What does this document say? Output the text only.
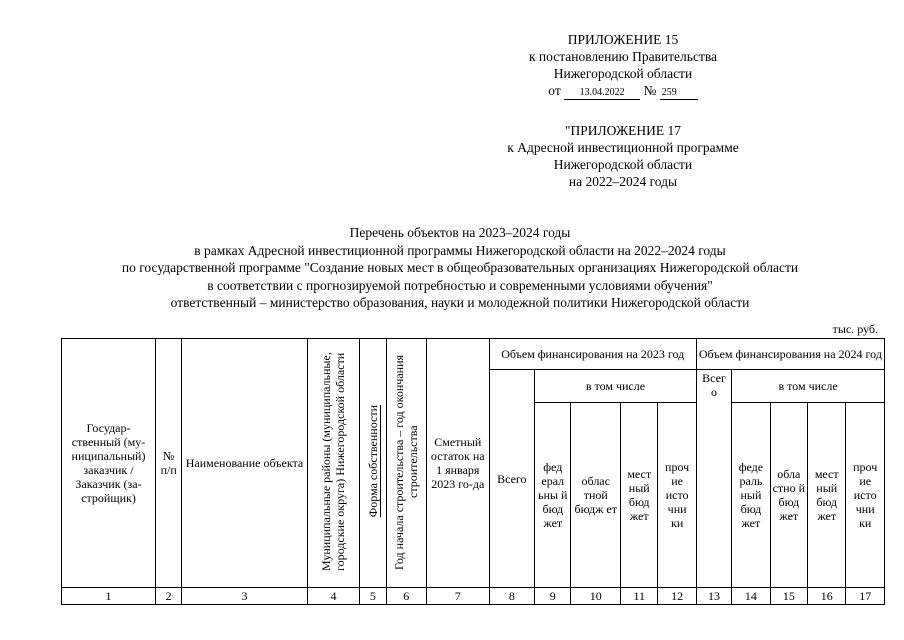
ПРИЛОЖЕНИЕ 15
к постановлению Правительства
Нижегородской области
от 13.04.2022 № 259
"ПРИЛОЖЕНИЕ 17
к Адресной инвестиционной программе
Нижегородской области
на 2022–2024 годы
Перечень объектов на 2023–2024 годы
в рамках Адресной инвестиционной программы Нижегородской области на 2022–2024 годы
по государственной программе "Создание новых мест в общеобразовательных организациях Нижегородской области
в соответствии с прогнозируемой потребностью и современными условиями обучения"
ответственный – министерство образования, науки и молодежной политики Нижегородской области
тыс. руб.
Государ-ственный (му-ниципальный) заказчик / Заказчик (за-стройщик)	№ п/п	Наименование объекта	Муниципальные районы (муниципальные, городские округа) Нижегородской области	Форма собственности	Год начала строительства – год окончания строительства	Сметный остаток на 1 января 2023 го-да	Объем финансирования на 2023 год					Объем финансирования на 2024 год				
							Всего	в том числе				Всег о	в том числе			
								фед ерал ьны й бюд жет	облас тной бюдж ет	мест ный бюд жет	проч ие исто чни ки		феде раль ный бюд жет	обла стно й бюд жет	мест ный бюд жет	проч ие исто чни ки
1	2	3	4	5	6	7	8	9	10	11	12	13	14	15	16	17
